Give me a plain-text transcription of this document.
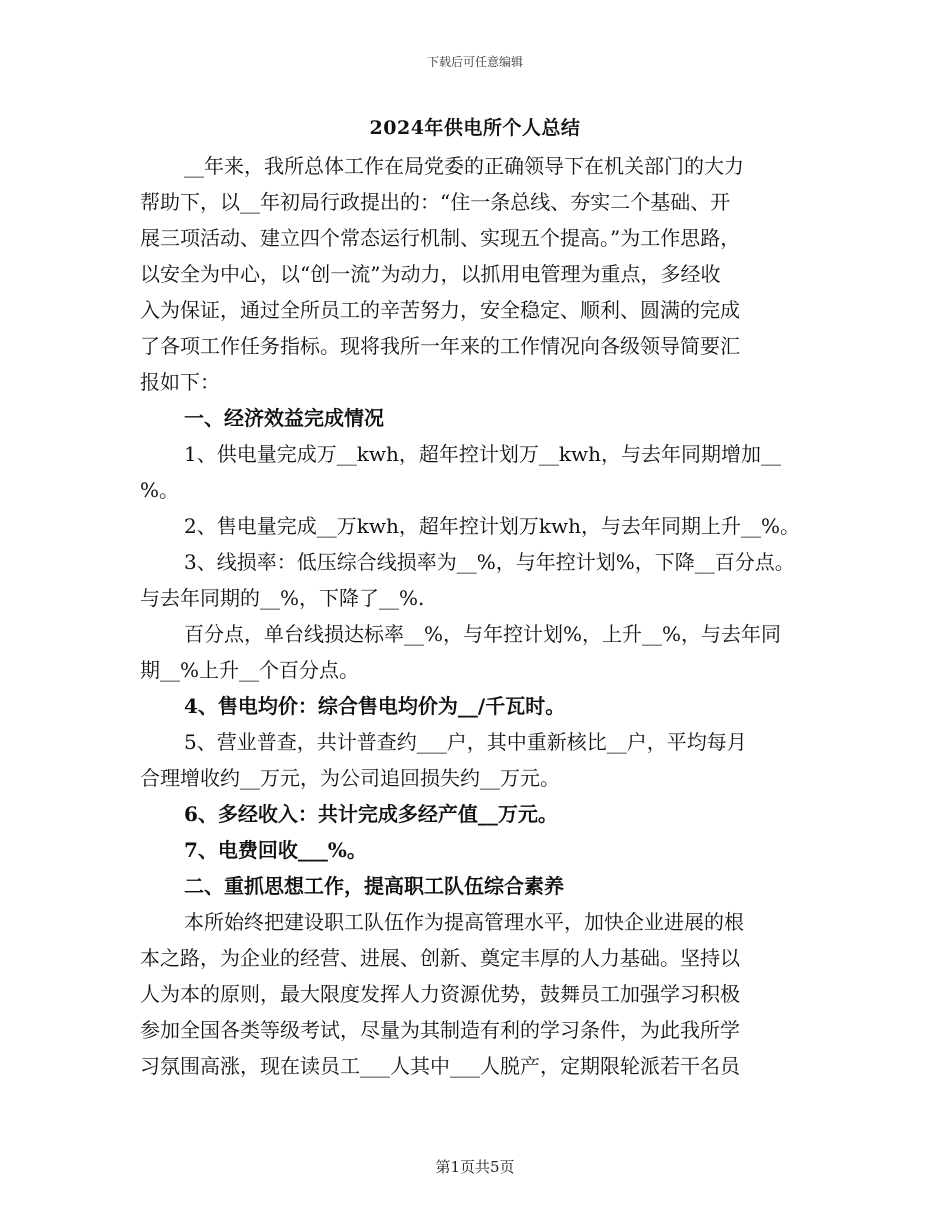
下载后可任意编辑
2024年供电所个人总结
__年来，我所总体工作在局党委的正确领导下在机关部门的大力
帮助下，以__年初局行政提出的：“住一条总线、夯实二个基础、开
展三项活动、建立四个常态运行机制、实现五个提高。”为工作思路，
以安全为中心，以“创一流”为动力，以抓用电管理为重点，多经收
入为保证，通过全所员工的辛苦努力，安全稳定、顺利、圆满的完成
了各项工作任务指标。现将我所一年来的工作情况向各级领导简要汇
报如下：
一、经济效益完成情况
1、供电量完成万__kwh，超年控计划万__kwh，与去年同期增加__
%。
2、售电量完成__万kwh，超年控计划万kwh，与去年同期上升__%。
3、线损率：低压综合线损率为__%，与年控计划%，下降__百分点。
与去年同期的__%，下降了__%.
百分点，单台线损达标率__%，与年控计划%，上升__%，与去年同
期__%上升__个百分点。
4、售电均价：综合售电均价为__/千瓦时。
5、营业普查，共计普查约___户，其中重新核比__户，平均每月
合理增收约__万元，为公司追回损失约__万元。
6、多经收入：共计完成多经产值__万元。
7、电费回收___%。
二、重抓思想工作，提高职工队伍综合素养
本所始终把建设职工队伍作为提高管理水平，加快企业进展的根
本之路，为企业的经营、进展、创新、奠定丰厚的人力基础。坚持以
人为本的原则，最大限度发挥人力资源优势，鼓舞员工加强学习积极
参加全国各类等级考试，尽量为其制造有利的学习条件，为此我所学
习氛围高涨，现在读员工___人其中___人脱产，定期限轮派若干名员
第1页共5页
